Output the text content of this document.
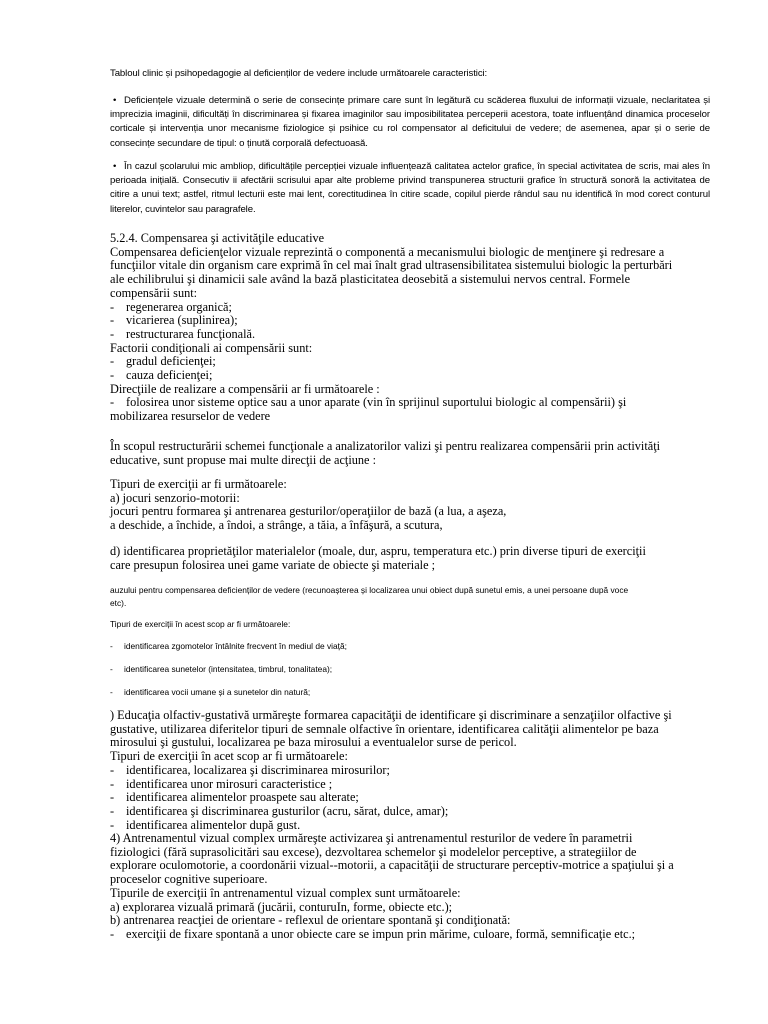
Tabloul clinic și psihopedagogie al deficienților de vedere include următoarele caracteristici:
• Deficiențele vizuale determină o serie de consecințe primare care sunt în legătură cu scăderea fluxului de informații vizuale, neclaritatea și imprecizia imaginii, dificultăți în discriminarea și fixarea imaginilor sau imposibilitatea perceperii acestora, toate influențând dinamica proceselor corticale și intervenția unor mecanisme fiziologice și psihice cu rol compensator al deficitului de vedere; de asemenea, apar și o serie de consecințe secundare de tipul: o ținută corporală defectuoasă.
• În cazul școlarului mic ambliop, dificultățile percepției vizuale influențează calitatea actelor grafice, în special activitatea de scris, mai ales în perioada inițială. Consecutiv ii afectării scrisului apar alte probleme privind transpunerea structurii grafice în structură sonoră la activitatea de citire a unui text; astfel, ritmul lecturii este mai lent, corectitudinea în citire scade, copilul pierde rândul sau nu identifică în mod corect conturul literelor, cuvintelor sau paragrafele.
5.2.4. Compensarea şi activităţile educative
Compensarea deficienţelor vizuale reprezintă o componentă a mecanismului biologic de menţinere şi redresare a
funcţiilor vitale din organism care exprimă în cel mai înalt grad ultrasensibilitatea sistemului biologic la perturbări
ale echilibrului şi dinamicii sale având la bază plasticitatea deosebită a sistemului nervos central. Formele
compensării sunt:
- regenerarea organică;
- vicarierea (suplinirea);
- restructurarea funcţională.
Factorii condiţionali ai compensării sunt:
- gradul deficienţei;
- cauza deficienţei;
Direcţiile de realizare a compensării ar fi următoarele :
- folosirea unor sisteme optice sau a unor aparate (vin în sprijinul suportului biologic al compensării) şi
mobilizarea resurselor de vedere
În scopul restructurării schemei funcţionale a analizatorilor valizi şi pentru realizarea compensării prin activităţi
educative, sunt propuse mai multe direcţii de acţiune :
Tipuri de exerciţii ar fi următoarele:
a) jocuri senzorio-motorii:
jocuri pentru formarea şi antrenarea gesturilor/operaţiilor de bază (a lua, a aşeza,
a deschide, a închide, a îndoi, a strânge, a tăia, a înfăşură, a scutura,
d) identificarea proprietăţilor materialelor (moale, dur, aspru, temperatura etc.) prin diverse tipuri de exerciţii
care presupun folosirea unei game variate de obiecte şi materiale ;
auzului pentru compensarea deficienților de vedere (recunoașterea și localizarea unui obiect după sunetul emis, a unei persoane după voce
etc).
Tipuri de exerciții în acest scop ar fi următoarele:
-	identificarea zgomotelor întâlnite frecvent în mediul de viață;
-	identificarea sunetelor (intensitatea, timbrul, tonalitatea);
-	identificarea vocii umane și a sunetelor din natură;
) Educaţia olfactiv-gustativă urmăreşte formarea capacităţii de identificare şi discriminare a senzaţiilor olfactive şi
gustative, utilizarea diferitelor tipuri de semnale olfactive în orientare, identificarea calităţii alimentelor pe baza
mirosului şi gustului, localizarea pe baza mirosului a eventualelor surse de pericol.
Tipuri de exerciţii în acet scop ar fi următoarele:
- identificarea, localizarea şi discriminarea mirosurilor;
- identificarea unor mirosuri caracteristice ;
- identificarea alimentelor proaspete sau alterate;
- identificarea şi discriminarea gusturilor (acru, sărat, dulce, amar);
- identificarea alimentelor după gust.
4) Antrenamentul vizual complex urmăreşte activizarea şi antrenamentul resturilor de vedere în parametrii
fiziologici (fără suprasolicitări sau excese), dezvoltarea schemelor şi modelelor perceptive, a strategiilor de
explorare oculomotorie, a coordonării vizual--motorii, a capacităţii de structurare perceptiv-motrice a spaţiului şi a
proceselor cognitive superioare.
Tipurile de exerciţii în antrenamentul vizual complex sunt următoarele:
a) explorarea vizuală primară (jucării, conturuIn, forme, obiecte etc.);
b) antrenarea reacţiei de orientare - reflexul de orientare spontană şi condiţionată:
- exerciţii de fixare spontană a unor obiecte care se impun prin mărime, culoare, formă, semnificaţie etc.;
